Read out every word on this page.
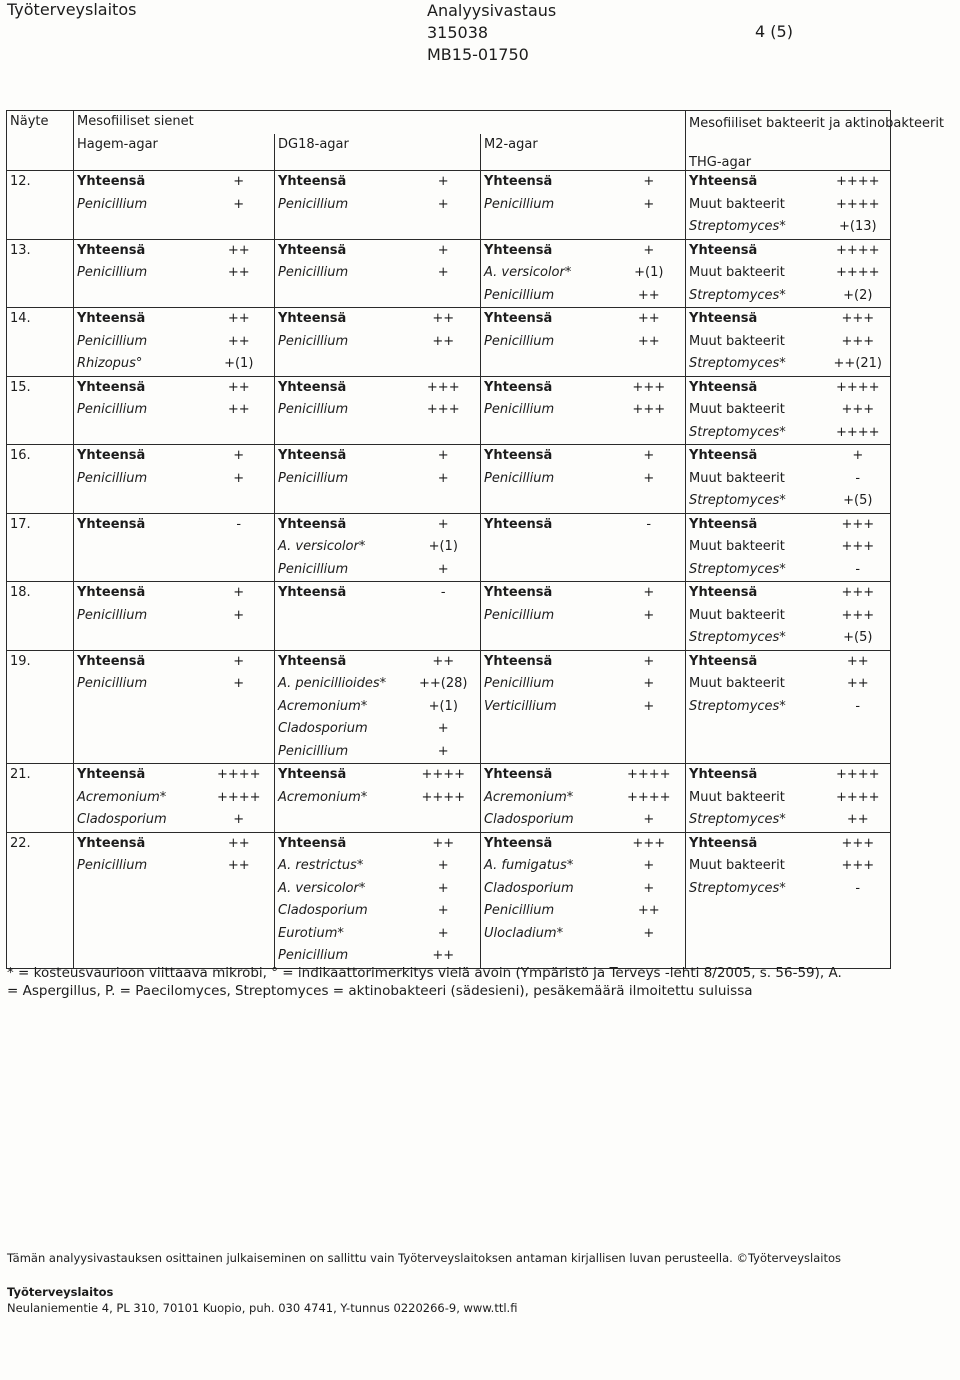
Työterveyslaitos	Analyysivastaus
315038
MB15-01750
4 (5)
Näyte	Mesofiiliset sienet						Mesofiiliset bakteerit ja aktinobakteerit	

	Hagem-agar		DG18-agar		M2-agar			
							THG-agar	
12.	Yhteensä	+	Yhteensä	+	Yhteensä	+	Yhteensä	++++
	Penicillium	+	Penicillium	+	Penicillium	+	Muut bakteerit	++++
							Streptomyces*	+(13)
13.	Yhteensä	++	Yhteensä	+	Yhteensä	+	Yhteensä	++++
	Penicillium	++	Penicillium	+	A. versicolor*	+(1)	Muut bakteerit	++++
					Penicillium	++	Streptomyces*	+(2)
14.	Yhteensä	++	Yhteensä	++	Yhteensä	++	Yhteensä	+++
	Penicillium	++	Penicillium	++	Penicillium	++	Muut bakteerit	+++
	Rhizopus°	+(1)					Streptomyces*	++(21)
15.	Yhteensä	++	Yhteensä	+++	Yhteensä	+++	Yhteensä	++++
	Penicillium	++	Penicillium	+++	Penicillium	+++	Muut bakteerit	+++
							Streptomyces*	++++
16.	Yhteensä	+	Yhteensä	+	Yhteensä	+	Yhteensä	+
	Penicillium	+	Penicillium	+	Penicillium	+	Muut bakteerit	-
							Streptomyces*	+(5)
17.	Yhteensä	-	Yhteensä	+	Yhteensä	-	Yhteensä	+++
			A. versicolor*	+(1)			Muut bakteerit	+++
			Penicillium	+			Streptomyces*	-
18.	Yhteensä	+	Yhteensä	-	Yhteensä	+	Yhteensä	+++
	Penicillium	+			Penicillium	+	Muut bakteerit	+++
							Streptomyces*	+(5)
19.	Yhteensä	+	Yhteensä	++	Yhteensä	+	Yhteensä	++
	Penicillium	+	A. penicillioides*	++(28)	Penicillium	+	Muut bakteerit	++
			Acremonium*	+(1)	Verticillium	+	Streptomyces*	-
			Cladosporium	+				
			Penicillium	+				
21.	Yhteensä	++++	Yhteensä	++++	Yhteensä	++++	Yhteensä	++++
	Acremonium*	++++	Acremonium*	++++	Acremonium*	++++	Muut bakteerit	++++
	Cladosporium	+			Cladosporium	+	Streptomyces*	++
22.	Yhteensä	++	Yhteensä	++	Yhteensä	+++	Yhteensä	+++
	Penicillium	++	A. restrictus*	+	A. fumigatus*	+	Muut bakteerit	+++
			A. versicolor*	+	Cladosporium	+	Streptomyces*	-
			Cladosporium	+	Penicillium	++		
			Eurotium*	+	Ulocladium*	+		
			Penicillium	++				
* = kosteusvaurioon viittaava mikrobi, ° = indikaattorimerkitys vielä avoin (Ympäristö ja Terveys -lehti 8/2005, s. 56-59), A. = Aspergillus, P. = Paecilomyces, Streptomyces = aktinobakteeri (sädesieni), pesäkemäärä ilmoitettu suluissa
Tämän analyysivastauksen osittainen julkaiseminen on sallittu vain Työterveyslaitoksen antaman kirjallisen luvan perusteella. ©Työterveyslaitos
Työterveyslaitos
Neulaniementie 4, PL 310, 70101 Kuopio, puh. 030 4741, Y-tunnus 0220266-9, www.ttl.fi
